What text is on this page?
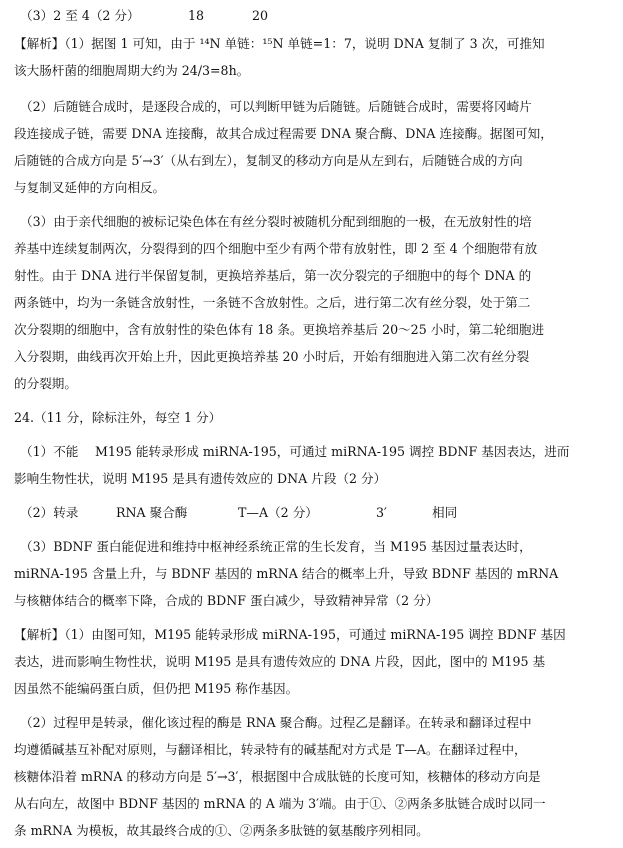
（3）2 至 4（2 分）	18	20
【解析】（1）据图 1 可知，由于 ¹⁴N 单链：¹⁵N 单链=1：7，说明 DNA 复制了 3 次，可推知
该大肠杆菌的细胞周期大约为 24/3=8h。
（2）后随链合成时，是逐段合成的，可以判断甲链为后随链。后随链合成时，需要将冈崎片
段连接成子链，需要 DNA 连接酶，故其合成过程需要 DNA 聚合酶、DNA 连接酶。据图可知，
后随链的合成方向是 5′→3′（从右到左），复制叉的移动方向是从左到右，后随链合成的方向
与复制叉延伸的方向相反。
（3）由于亲代细胞的被标记染色体在有丝分裂时被随机分配到细胞的一极，在无放射性的培
养基中连续复制两次，分裂得到的四个细胞中至少有两个带有放射性，即 2 至 4 个细胞带有放
射性。由于 DNA 进行半保留复制，更换培养基后，第一次分裂完的子细胞中的每个 DNA 的
两条链中，均为一条链含放射性，一条链不含放射性。之后，进行第二次有丝分裂，处于第二
次分裂期的细胞中，含有放射性的染色体有 18 条。更换培养基后 20～25 小时，第二轮细胞进
入分裂期，曲线再次开始上升，因此更换培养基 20 小时后，开始有细胞进入第二次有丝分裂
的分裂期。
24.（11 分，除标注外，每空 1 分）
（1）不能　 M195 能转录形成 miRNA-195，可通过 miRNA-195 调控 BDNF 基因表达，进而
影响生物性状，说明 M195 是具有遗传效应的 DNA 片段（2 分）
（2）转录	RNA 聚合酶	T—A（2 分）	3′	相同
（3）BDNF 蛋白能促进和维持中枢神经系统正常的生长发育，当 M195 基因过量表达时，
miRNA-195 含量上升，与 BDNF 基因的 mRNA 结合的概率上升，导致 BDNF 基因的 mRNA
与核糖体结合的概率下降，合成的 BDNF 蛋白减少，导致精神异常（2 分）
【解析】（1）由图可知，M195 能转录形成 miRNA-195，可通过 miRNA-195 调控 BDNF 基因
表达，进而影响生物性状，说明 M195 是具有遗传效应的 DNA 片段，因此，图中的 M195 基
因虽然不能编码蛋白质，但仍把 M195 称作基因。
（2）过程甲是转录，催化该过程的酶是 RNA 聚合酶。过程乙是翻译。在转录和翻译过程中
均遵循碱基互补配对原则，与翻译相比，转录特有的碱基配对方式是 T—A。在翻译过程中，
核糖体沿着 mRNA 的移动方向是 5′→3′，根据图中合成肽链的长度可知，核糖体的移动方向是
从右向左，故图中 BDNF 基因的 mRNA 的 A 端为 3′端。由于①、②两条多肽链合成时以同一
条 mRNA 为模板，故其最终合成的①、②两条多肽链的氨基酸序列相同。
